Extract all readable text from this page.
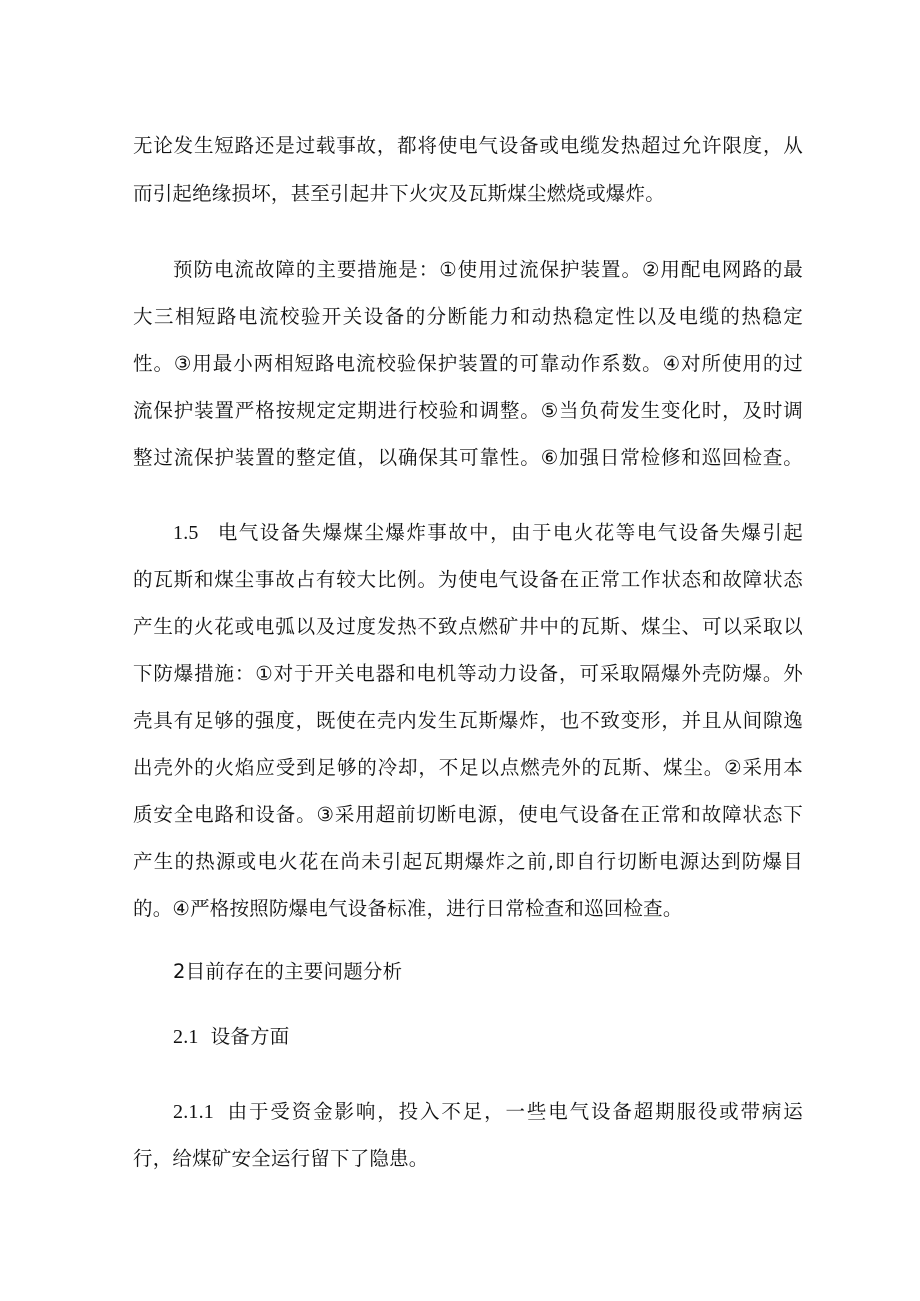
无论发生短路还是过载事故，都将使电气设备或电缆发热超过允许限度，从
而引起绝缘损坏，甚至引起井下火灾及瓦斯煤尘燃烧或爆炸。
预防电流故障的主要措施是：①使用过流保护装置。②用配电网路的最
大三相短路电流校验开关设备的分断能力和动热稳定性以及电缆的热稳定
性。③用最小两相短路电流校验保护装置的可靠动作系数。④对所使用的过
流保护装置严格按规定定期进行校验和调整。⑤当负荷发生变化时，及时调
整过流保护装置的整定值，以确保其可靠性。⑥加强日常检修和巡回检查。
1.5 电气设备失爆煤尘爆炸事故中，由于电火花等电气设备失爆引起
的瓦斯和煤尘事故占有较大比例。为使电气设备在正常工作状态和故障状态
产生的火花或电弧以及过度发热不致点燃矿井中的瓦斯、煤尘、可以采取以
下防爆措施：①对于开关电器和电机等动力设备，可采取隔爆外壳防爆。外
壳具有足够的强度，既使在壳内发生瓦斯爆炸，也不致变形，并且从间隙逸
出壳外的火焰应受到足够的冷却，不足以点燃壳外的瓦斯、煤尘。②采用本
质安全电路和设备。③采用超前切断电源，使电气设备在正常和故障状态下
产生的热源或电火花在尚未引起瓦期爆炸之前,即自行切断电源达到防爆目
的。④严格按照防爆电气设备标准，进行日常检查和巡回检查。
2目前存在的主要问题分析
2.1 设备方面
2.1.1 由于受资金影响，投入不足，一些电气设备超期服役或带病运
行，给煤矿安全运行留下了隐患。
